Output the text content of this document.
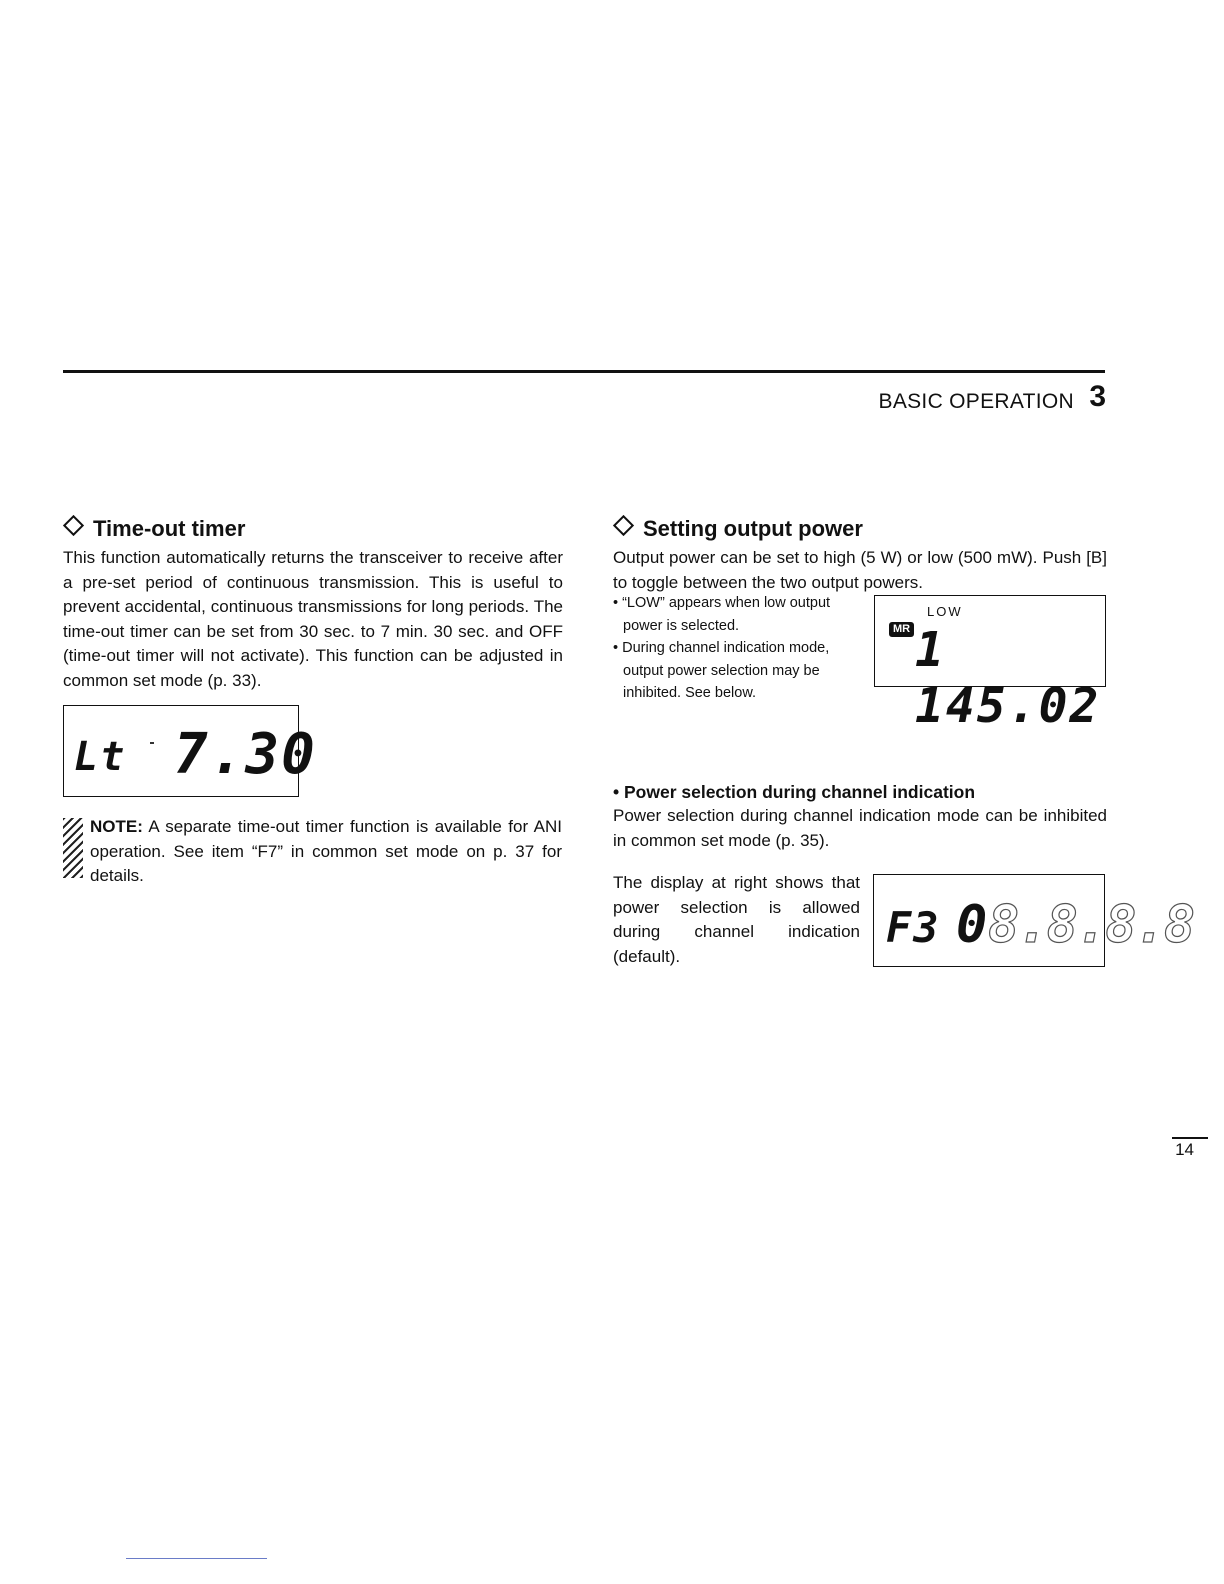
BASIC OPERATION 3
Time-out timer

This function automatically returns the transceiver to receive after a pre-set period of continuous transmission. This is useful to prevent accidental, continuous transmissions for long periods. The time-out timer can be set from 30 sec. to 7 min. 30 sec. and OFF (time-out timer will not activate). This function can be adjusted in common set mode (p. 33).

Lt 7.30
NOTE: A separate time-out timer function is available for ANI operation. See item “F7” in common set mode on p. 37 for details.
Setting output power

Output power can be set to high (5 W) or low (500 mW). Push [B] to toggle between the two output powers.

• “LOW” appears when low output power is selected.

• During channel indication mode, output power selection may be inhibited. See below.

LOW
MR 1 145.02

• Power selection during channel indication

Power selection during channel indication mode can be inhibited in common set mode (p. 35).

The display at right shows that power selection is allowed during channel indication (default).
F3 0
8.8.8.8
14
